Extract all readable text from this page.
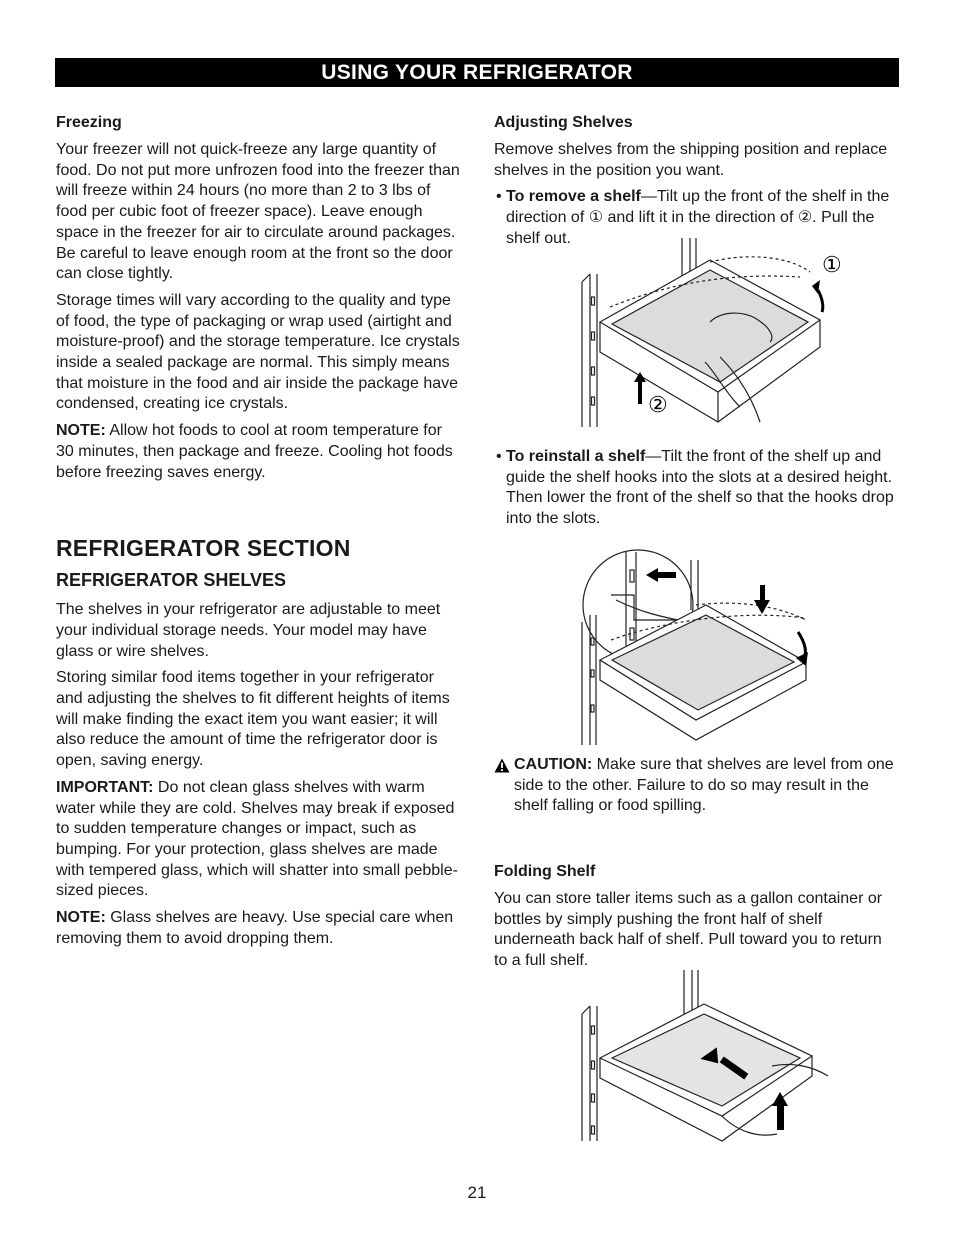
USING YOUR REFRIGERATOR
Freezing

Your freezer will not quick-freeze any large quantity of food. Do not put more unfrozen food into the freezer than will freeze within 24 hours (no more than 2 to 3 lbs of food per cubic foot of freezer space). Leave enough space in the freezer for air to circulate around packages. Be careful to leave enough room at the front so the door can close tightly.

Storage times will vary according to the quality and type of food, the type of packaging or wrap used (airtight and moisture-proof) and the storage temperature. Ice crystals inside a sealed package are normal. This simply means that moisture in the food and air inside the package have condensed, creating ice crystals.

NOTE: Allow hot foods to cool at room temperature for 30 minutes, then package and freeze. Cooling hot foods before freezing saves energy.

REFRIGERATOR SECTION
REFRIGERATOR SHELVES

The shelves in your refrigerator are adjustable to meet your individual storage needs. Your model may have glass or wire shelves.

Storing similar food items together in your refrigerator and adjusting the shelves to fit different heights of items will make finding the exact item you want easier; it will also reduce the amount of time the refrigerator door is open, saving energy.

IMPORTANT: Do not clean glass shelves with warm water while they are cold. Shelves may break if exposed to sudden temperature changes or impact, such as bumping. For your protection, glass shelves are made with tempered glass, which will shatter into small pebble-sized pieces.

NOTE: Glass shelves are heavy. Use special care when removing them to avoid dropping them.

Adjusting Shelves

Remove shelves from the shipping position and replace shelves in the position you want.

• To remove a shelf—Tilt up the front of the shelf in the direction of ① and lift it in the direction of ②. Pull the shelf out.
• To reinstall a shelf—Tilt the front of the shelf up and guide the shelf hooks into the slots at a desired height. Then lower the front of the shelf so that the hooks drop into the slots.
CAUTION: Make sure that shelves are level from one side to the other. Failure to do so may result in the shelf falling or food spilling.
Folding Shelf

You can store taller items such as a gallon container or bottles by simply pushing the front half of shelf underneath back half of shelf. Pull toward you to return to a full shelf.

①
②
21
